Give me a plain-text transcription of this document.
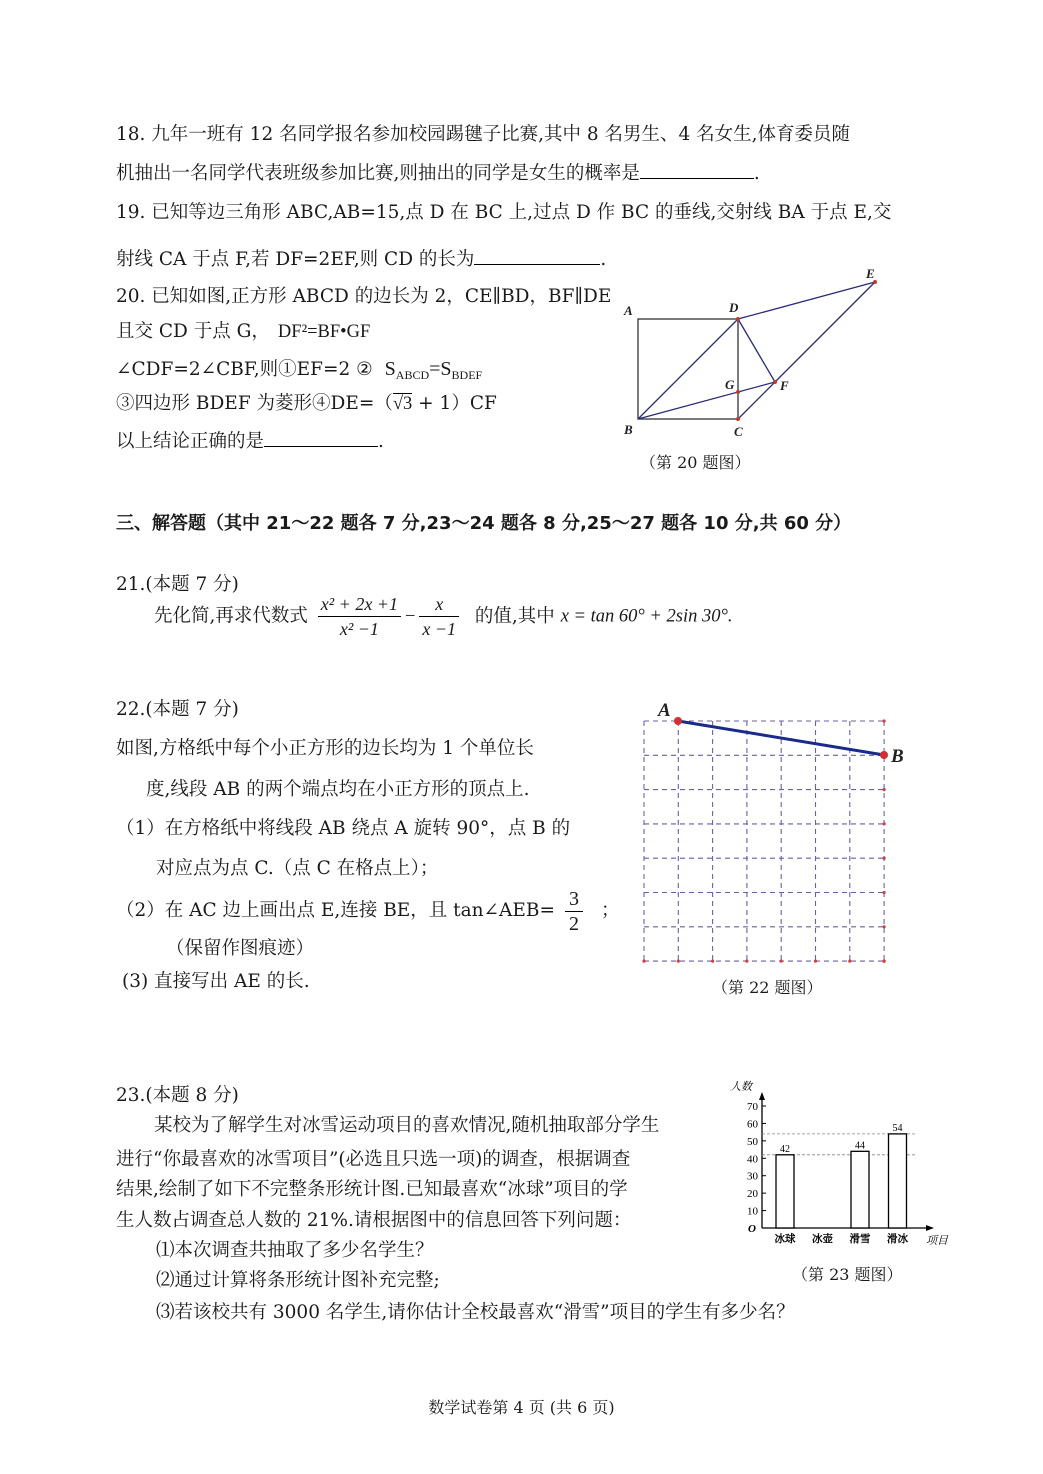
18. 九年一班有 12 名同学报名参加校园踢毽子比赛,其中 8 名男生、4 名女生,体育委员随
机抽出一名同学代表班级参加比赛,则抽出的同学是女生的概率是	.
19. 已知等边三角形 ABC,AB=15,点 D 在 BC 上,过点 D 作 BC 的垂线,交射线 BA 于点 E,交
射线 CA 于点 F,若 DF=2EF,则 CD 的长为	.
20. 已知如图,正方形 ABCD 的边长为 2，CE∥BD，BF∥DE
且交 CD 于点 G， DF²=BF•GF
∠CDF=2∠CBF,则①EF=2 ② $S_{ABCD}=S_{BDEF}$
③四边形 BDEF 为菱形④DE=（√3 + 1）CF
以上结论正确的是	.
A
B	C
D
E
F
G
（第 20 题图）
三、解答题（其中 21～22 题各 7 分,23～24 题各 8 分,25～27 题各 10 分,共 60 分）
21.(本题 7 分)
先化简,再求代数式 $\frac{\text{x² + 2x +1}}{\text{x² −1}} - \frac{x}{x -1}$ 的值,其中 x = tan 60° + 2sin 30°.
22.(本题 7 分)
如图,方格纸中每个小正方形的边长均为 1 个单位长
度,线段 AB 的两个端点均在小正方形的顶点上.
（1）在方格纸中将线段 AB 绕点 A 旋转 90°，点 B 的
对应点为点 C.（点 C 在格点上）；
（2）在 AC 边上画出点 E,连接 BE，且 tan∠AEB= $\frac{3}{2}$ ；
（保留作图痕迹）
(3) 直接写出 AE 的长.
A
B
（第 22 题图）
23.(本题 8 分)
某校为了解学生对冰雪运动项目的喜欢情况,随机抽取部分学生
进行“你最喜欢的冰雪项目”(必选且只选一项)的调查，根据调查
结果,绘制了如下不完整条形统计图.已知最喜欢“冰球”项目的学
生人数占调查总人数的 21%.请根据图中的信息回答下列问题：
⑴本次调查共抽取了多少名学生？
⑵通过计算将条形统计图补充完整;
⑶若该校共有 3000 名学生,请你估计全校最喜欢“滑雪”项目的学生有多少名？
人数
项目
O
10
20
30
40
50
60
70
42
冰球 冰壶
44
滑雪
54
滑冰
（第 23 题图）
数学试卷第 4 页 (共 6 页)
